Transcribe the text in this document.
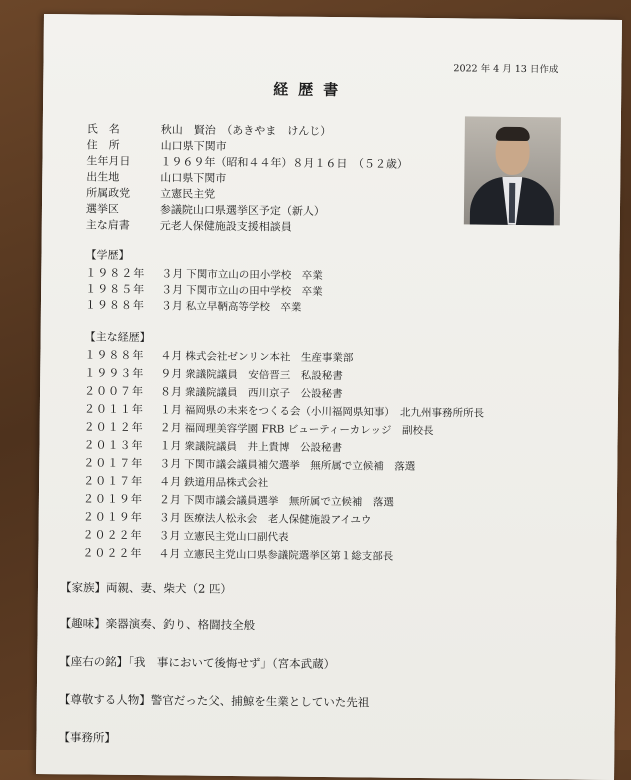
2022 年 4 月 13 日作成
経歴書
氏　名	秋山　賢治　（あきやま　けんじ）
住　所	山口県下関市
生年月日	１９６９年（昭和４４年）８月１６日　（５２歳）
出生地	山口県下関市
所属政党	立憲民主党
選挙区	参議院山口県選挙区予定（新人）
主な肩書	元老人保健施設支援相談員
【学歴】
１９８２年 ３月 下関市立山の田小学校　卒業
１９８５年 ３月 下関市立山の田中学校　卒業
１９８８年 ３月 私立早鞆高等学校　卒業
【主な経歴】
１９８８年 ４月 株式会社ゼンリン本社　生産事業部
１９９３年 ９月 衆議院議員　安倍晋三　私設秘書
２００７年 ８月 衆議院議員　西川京子　公設秘書
２０１１年 １月 福岡県の未来をつくる会（小川福岡県知事）　北九州事務所所長
２０１２年 ２月 福岡理美容学園 FRB ビューティーカレッジ　副校長
２０１３年 １月 衆議院議員　井上貴博　公設秘書
２０１７年 ３月 下関市議会議員補欠選挙　無所属で立候補　落選
２０１７年 ４月 鉄道用品株式会社
２０１９年 ２月 下関市議会議員選挙　無所属で立候補　落選
２０１９年 ３月 医療法人松永会　老人保健施設アイユウ
２０２２年 ３月 立憲民主党山口副代表
２０２２年 ４月 立憲民主党山口県参議院選挙区第１総支部長
【家族】両親、妻、柴犬（2 匹）
【趣味】楽器演奏、釣り、格闘技全般
【座右の銘】「我　事において後悔せず」（宮本武蔵）
【尊敬する人物】警官だった父、捕鯨を生業としていた先祖
【事務所】
